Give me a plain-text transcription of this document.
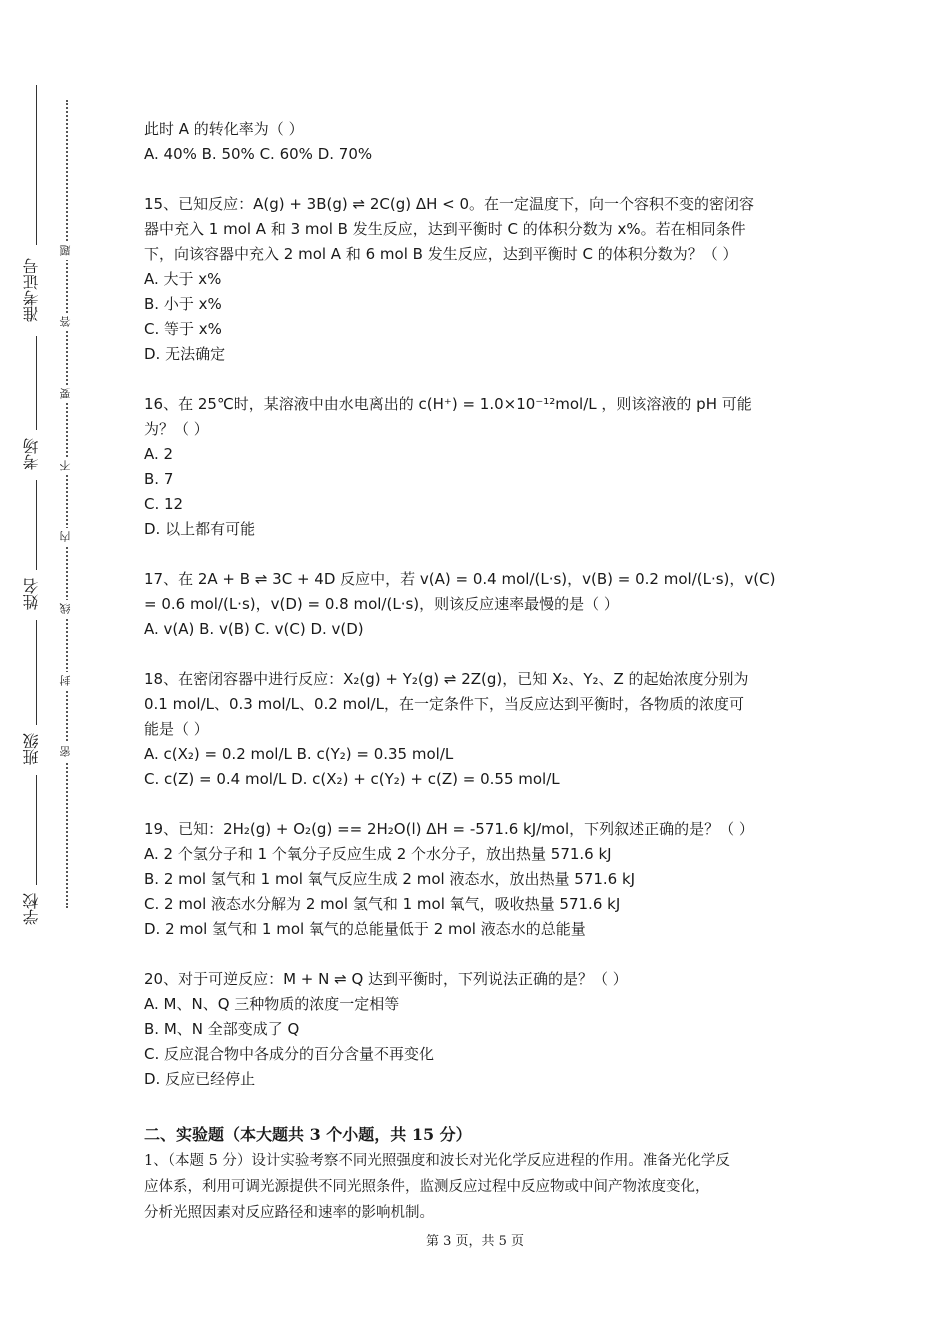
准考证号
考场
姓名
班级
学校
题
答
要
不
内
线
封
密

此时 A 的转化率为（ ）

A. 40% B. 50% C. 60% D. 70%

15、已知反应：A(g) + 3B(g) ⇌ 2C(g) ΔH < 0。在一定温度下，向一个容积不变的密闭容

器中充入 1 mol A 和 3 mol B 发生反应，达到平衡时 C 的体积分数为 x%。若在相同条件

下，向该容器中充入 2 mol A 和 6 mol B 发生反应，达到平衡时 C 的体积分数为？（ ）

A. 大于 x%

B. 小于 x%

C. 等于 x%

D. 无法确定

16、在 25℃时，某溶液中由水电离出的 c(H⁺) = 1.0×10⁻¹²mol/L ，则该溶液的 pH 可能

为？（ ）

A. 2

B. 7

C. 12

D. 以上都有可能

17、在 2A + B ⇌ 3C + 4D 反应中，若 v(A) = 0.4 mol/(L·s)，v(B) = 0.2 mol/(L·s)，v(C)

= 0.6 mol/(L·s)，v(D) = 0.8 mol/(L·s)，则该反应速率最慢的是（ ）

A. v(A) B. v(B) C. v(C) D. v(D)

18、在密闭容器中进行反应：X₂(g) + Y₂(g) ⇌ 2Z(g)，已知 X₂、Y₂、Z 的起始浓度分别为

0.1 mol/L、0.3 mol/L、0.2 mol/L，在一定条件下，当反应达到平衡时，各物质的浓度可

能是（ ）

A. c(X₂) = 0.2 mol/L B. c(Y₂) = 0.35 mol/L

C. c(Z) = 0.4 mol/L D. c(X₂) + c(Y₂) + c(Z) = 0.55 mol/L

19、已知：2H₂(g) + O₂(g) == 2H₂O(l) ΔH = -571.6 kJ/mol，下列叙述正确的是？（ ）

A. 2 个氢分子和 1 个氧分子反应生成 2 个水分子，放出热量 571.6 kJ

B. 2 mol 氢气和 1 mol 氧气反应生成 2 mol 液态水，放出热量 571.6 kJ

C. 2 mol 液态水分解为 2 mol 氢气和 1 mol 氧气，吸收热量 571.6 kJ

D. 2 mol 氢气和 1 mol 氧气的总能量低于 2 mol 液态水的总能量

20、对于可逆反应：M + N ⇌ Q 达到平衡时，下列说法正确的是？（ ）

A. M、N、Q 三种物质的浓度一定相等

B. M、N 全部变成了 Q

C. 反应混合物中各成分的百分含量不再变化

D. 反应已经停止

二、实验题（本大题共 3 个小题，共 15 分）

1、（本题 5 分）设计实验考察不同光照强度和波长对光化学反应进程的作用。准备光化学反

应体系，利用可调光源提供不同光照条件，监测反应过程中反应物或中间产物浓度变化，

分析光照因素对反应路径和速率的影响机制。

第 3 页，共 5 页
